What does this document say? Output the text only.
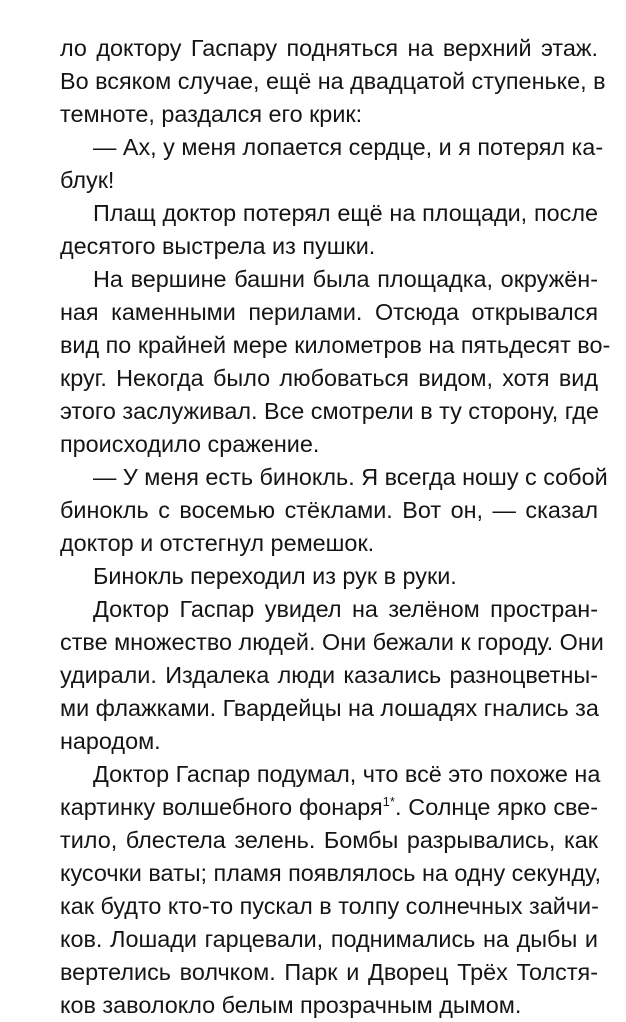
ло доктору Гаспару подняться на верхний этаж.
Во всяком случае, ещё на двадцатой ступеньке, в
темноте, раздался его крик:
— Ах, у меня лопается сердце, и я потерял ка-
блук!
Плащ доктор потерял ещё на площади, после
десятого выстрела из пушки.
На вершине башни была площадка, окружён-
ная каменными перилами. Отсюда открывался
вид по крайней мере километров на пятьдесят во-
круг. Некогда было любоваться видом, хотя вид
этого заслуживал. Все смотрели в ту сторону, где
происходило сражение.
— У меня есть бинокль. Я всегда ношу с собой
бинокль с восемью стёклами. Вот он, — сказал
доктор и отстегнул ремешок.
Бинокль переходил из рук в руки.
Доктор Гаспар увидел на зелёном простран-
стве множество людей. Они бежали к городу. Они
удирали. Издалека люди казались разноцветны-
ми флажками. Гвардейцы на лошадях гнались за
народом.
Доктор Гаспар подумал, что всё это похоже на
картинку волшебного фонаря$^{1*}$. Солнце ярко све-
тило, блестела зелень. Бомбы разрывались, как
кусочки ваты; пламя появлялось на одну секунду,
как будто кто-то пускал в толпу солнечных зайчи-
ков. Лошади гарцевали, поднимались на дыбы и
вертелись волчком. Парк и Дворец Трёх Толстя-
ков заволокло белым прозрачным дымом.
